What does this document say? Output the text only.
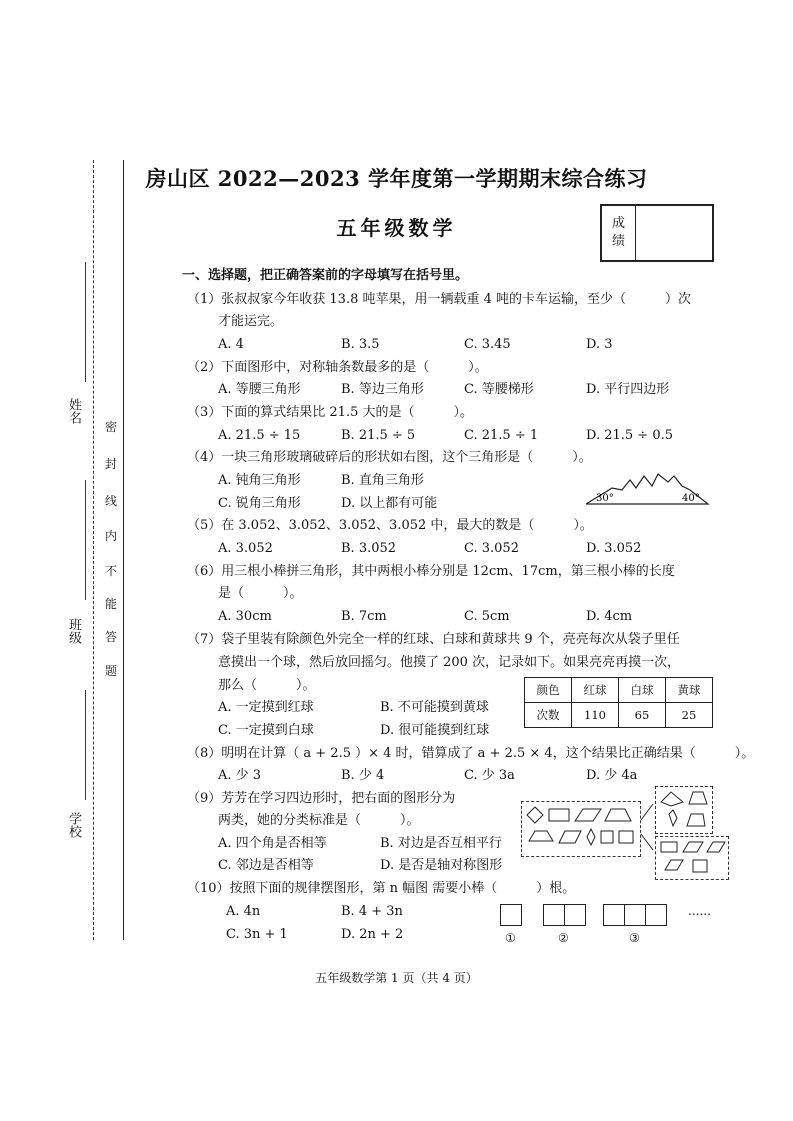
姓名
班级
学校
密
封
线
内
不
能
答
题
房山区 2022—2023 学年度第一学期期末综合练习
五年级数学	成
绩
一、选择题，把正确答案前的字母填写在括号里。
（1）张叔叔家今年收获 13.8 吨苹果，用一辆载重 4 吨的卡车运输，至少（　　　）次
才能运完。
A. 4	B. 3.5	C. 3.45	D. 3
（2）下面图形中，对称轴条数最多的是（　　　）。
A. 等腰三角形	B. 等边三角形	C. 等腰梯形	D. 平行四边形
（3）下面的算式结果比 21.5 大的是（　　　）。
A. 21.5 ÷ 15	B. 21.5 ÷ 5	C. 21.5 ÷ 1	D. 21.5 ÷ 0.5
（4）一块三角形玻璃破碎后的形状如右图，这个三角形是（　　　）。
A. 钝角三角形	B. 直角三角形
C. 锐角三角形	D. 以上都有可能	30°	40°
（5）在 3.052、3.0̇52̇、3.05̇2̇、3.052̇ 中，最大的数是（　　　）。
A. 3.052	B. 3.0̇52̇	C. 3.05̇2̇	D. 3.052̇
（6）用三根小棒拼三角形，其中两根小棒分别是 12cm、17cm，第三根小棒的长度
是（　　　）。
A. 30cm	B. 7cm	C. 5cm	D. 4cm
（7）袋子里装有除颜色外完全一样的红球、白球和黄球共 9 个，亮亮每次从袋子里任
意摸出一个球，然后放回摇匀。他摸了 200 次，记录如下。如果亮亮再摸一次，
那么（　　　）。
A. 一定摸到红球	B. 不可能摸到黄球
C. 一定摸到白球	D. 很可能摸到红球
颜色	红球	白球	黄球
次数	110	65	25
（8）明明在计算（ a + 2.5 ）× 4 时，错算成了 a + 2.5 × 4，这个结果比正确结果（　　　）。
A. 少 3	B. 少 4	C. 少 3a	D. 少 4a
（9）芳芳在学习四边形时，把右面的图形分为
两类，她的分类标准是（　　　）。
A. 四个角是否相等	B. 对边是否互相平行
C. 邻边是否相等	D. 是否是轴对称图形
（10）按照下面的规律摆图形，第 n 幅图 需要小棒（　　　）根。
A. 4n	B. 4 + 3n
C. 3n + 1	D. 2n + 2
......
①	②	③
五年级数学第 1 页（共 4 页）
